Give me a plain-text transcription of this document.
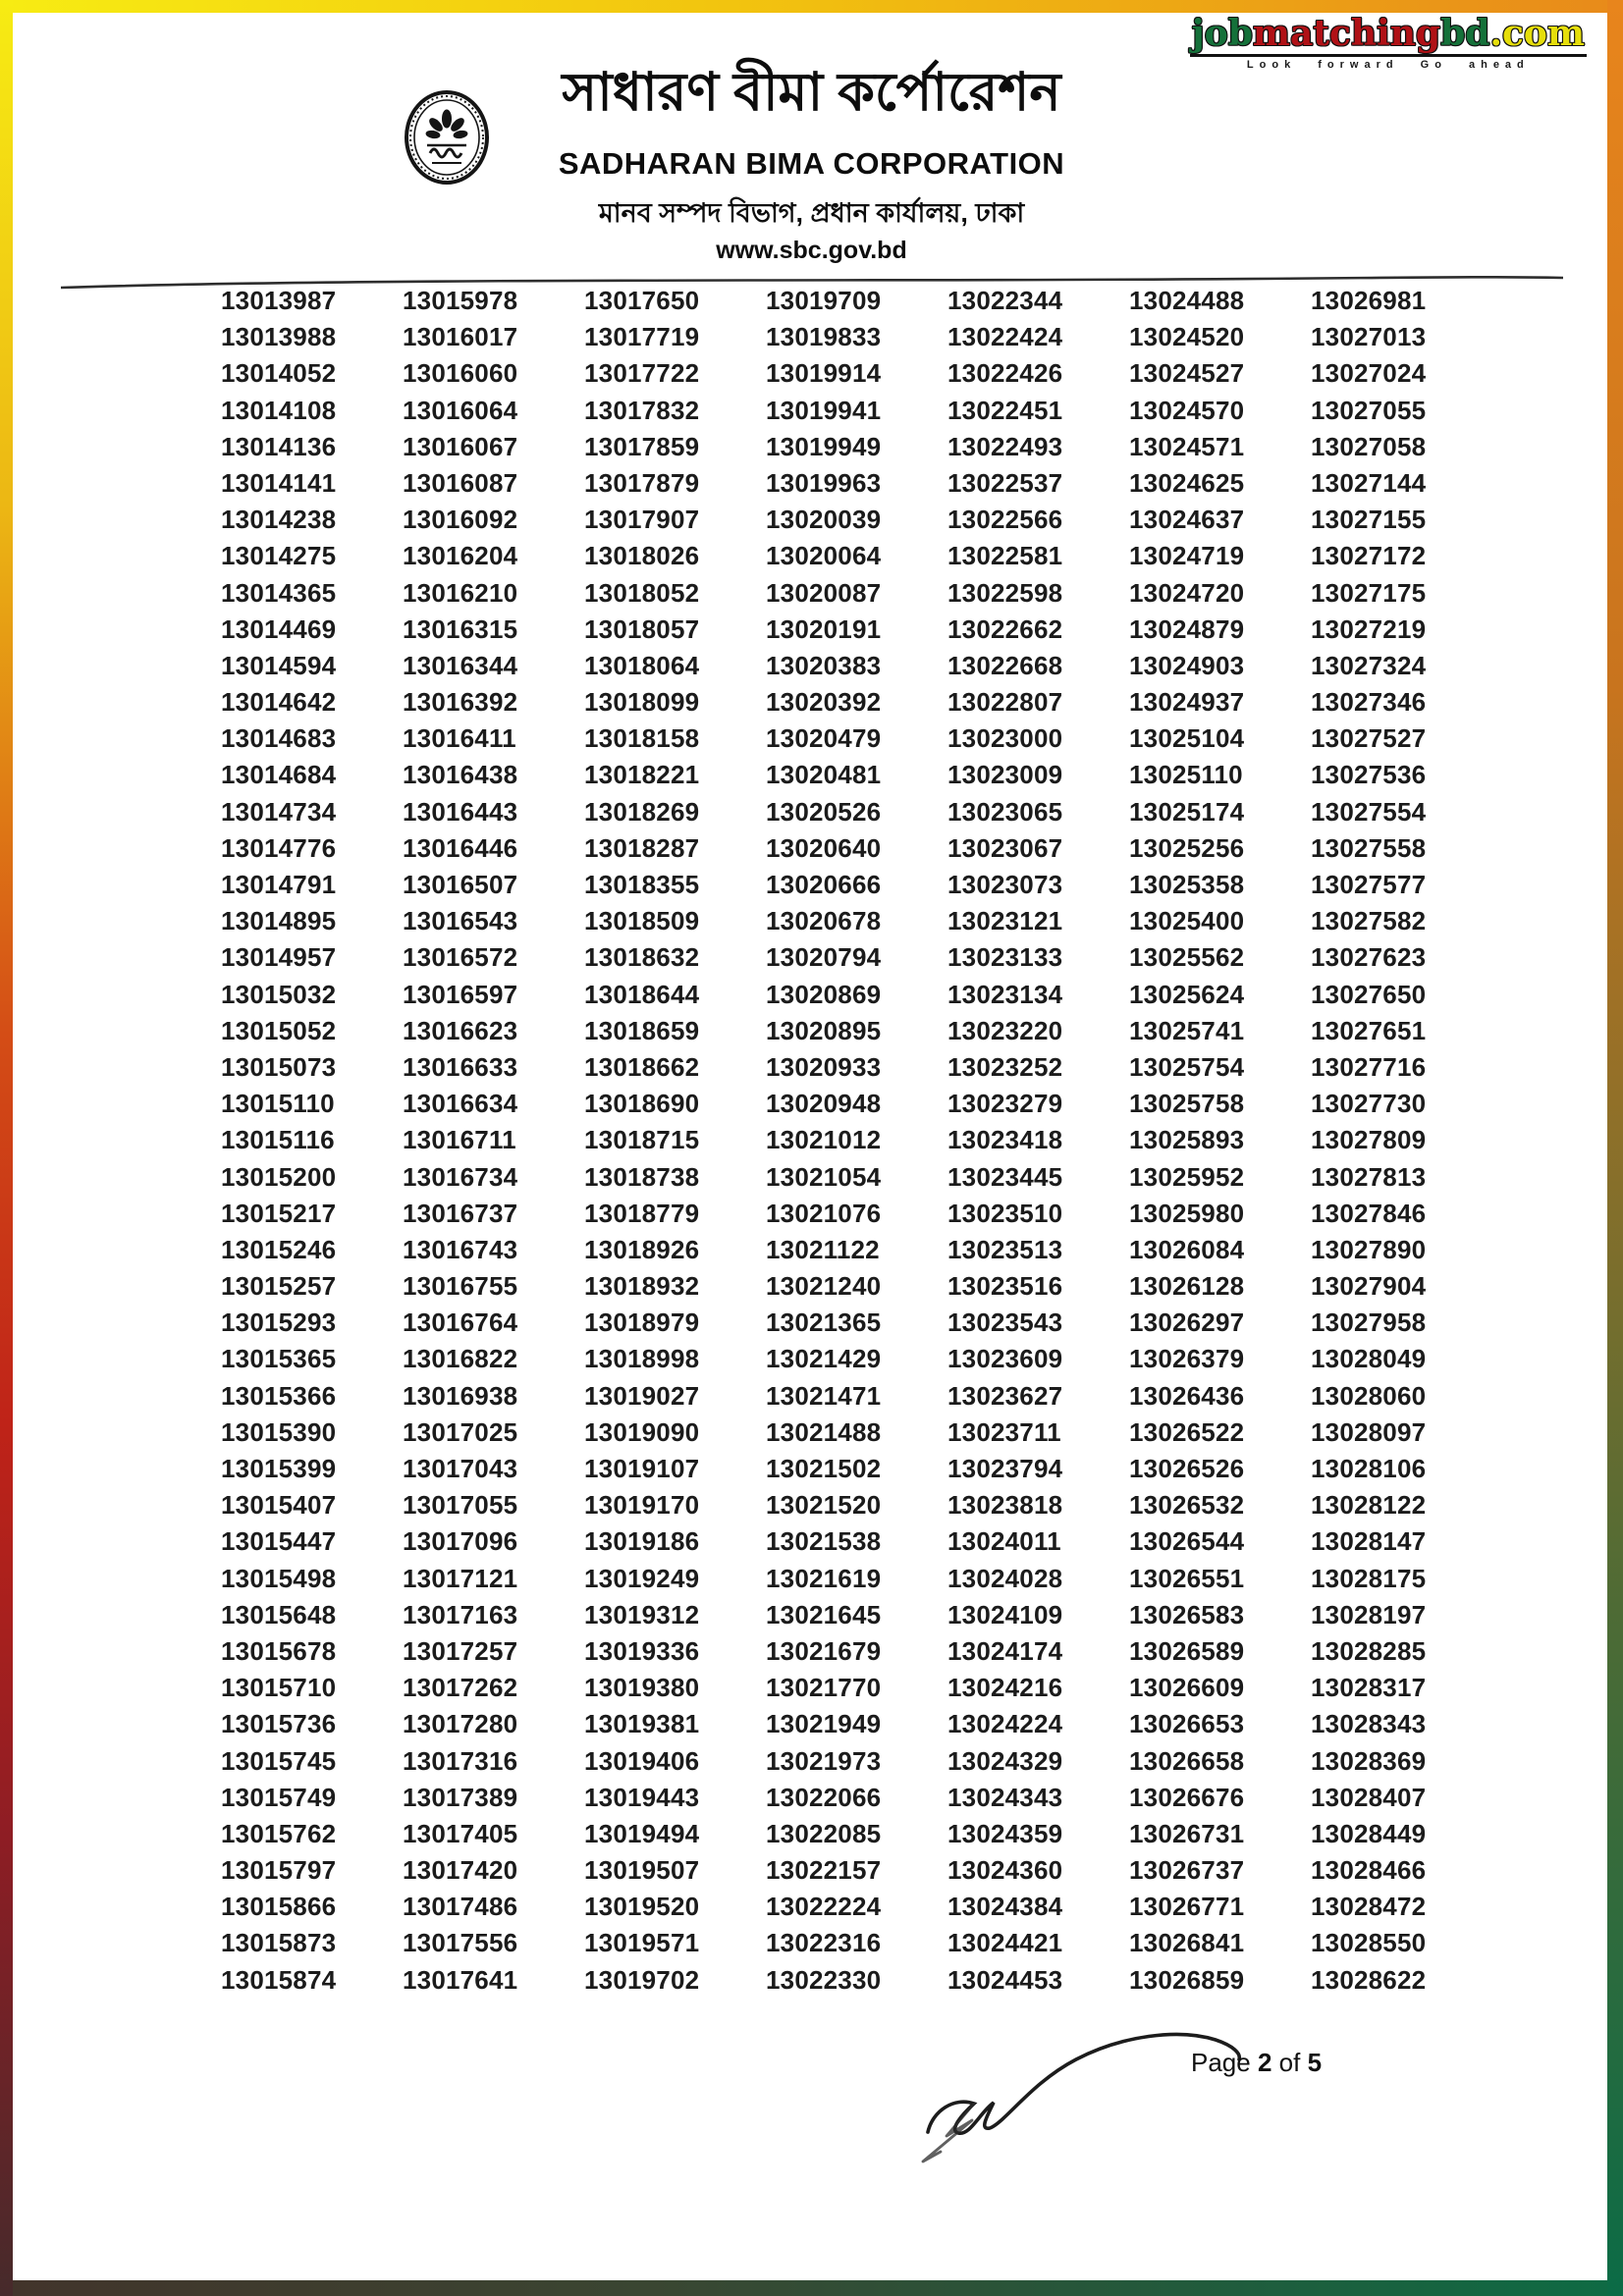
jobmatchingbd.com
Look forward Go ahead
সাধারণ বীমা কর্পোরেশন
SADHARAN BIMA CORPORATION
মানব সম্পদ বিভাগ, প্রধান কার্যালয়, ঢাকা
www.sbc.gov.bd
13013987
13013988
13014052
13014108
13014136
13014141
13014238
13014275
13014365
13014469
13014594
13014642
13014683
13014684
13014734
13014776
13014791
13014895
13014957
13015032
13015052
13015073
13015110
13015116
13015200
13015217
13015246
13015257
13015293
13015365
13015366
13015390
13015399
13015407
13015447
13015498
13015648
13015678
13015710
13015736
13015745
13015749
13015762
13015797
13015866
13015873
13015874
13015978
13016017
13016060
13016064
13016067
13016087
13016092
13016204
13016210
13016315
13016344
13016392
13016411
13016438
13016443
13016446
13016507
13016543
13016572
13016597
13016623
13016633
13016634
13016711
13016734
13016737
13016743
13016755
13016764
13016822
13016938
13017025
13017043
13017055
13017096
13017121
13017163
13017257
13017262
13017280
13017316
13017389
13017405
13017420
13017486
13017556
13017641
13017650
13017719
13017722
13017832
13017859
13017879
13017907
13018026
13018052
13018057
13018064
13018099
13018158
13018221
13018269
13018287
13018355
13018509
13018632
13018644
13018659
13018662
13018690
13018715
13018738
13018779
13018926
13018932
13018979
13018998
13019027
13019090
13019107
13019170
13019186
13019249
13019312
13019336
13019380
13019381
13019406
13019443
13019494
13019507
13019520
13019571
13019702
13019709
13019833
13019914
13019941
13019949
13019963
13020039
13020064
13020087
13020191
13020383
13020392
13020479
13020481
13020526
13020640
13020666
13020678
13020794
13020869
13020895
13020933
13020948
13021012
13021054
13021076
13021122
13021240
13021365
13021429
13021471
13021488
13021502
13021520
13021538
13021619
13021645
13021679
13021770
13021949
13021973
13022066
13022085
13022157
13022224
13022316
13022330
13022344
13022424
13022426
13022451
13022493
13022537
13022566
13022581
13022598
13022662
13022668
13022807
13023000
13023009
13023065
13023067
13023073
13023121
13023133
13023134
13023220
13023252
13023279
13023418
13023445
13023510
13023513
13023516
13023543
13023609
13023627
13023711
13023794
13023818
13024011
13024028
13024109
13024174
13024216
13024224
13024329
13024343
13024359
13024360
13024384
13024421
13024453
13024488
13024520
13024527
13024570
13024571
13024625
13024637
13024719
13024720
13024879
13024903
13024937
13025104
13025110
13025174
13025256
13025358
13025400
13025562
13025624
13025741
13025754
13025758
13025893
13025952
13025980
13026084
13026128
13026297
13026379
13026436
13026522
13026526
13026532
13026544
13026551
13026583
13026589
13026609
13026653
13026658
13026676
13026731
13026737
13026771
13026841
13026859
13026981
13027013
13027024
13027055
13027058
13027144
13027155
13027172
13027175
13027219
13027324
13027346
13027527
13027536
13027554
13027558
13027577
13027582
13027623
13027650
13027651
13027716
13027730
13027809
13027813
13027846
13027890
13027904
13027958
13028049
13028060
13028097
13028106
13028122
13028147
13028175
13028197
13028285
13028317
13028343
13028369
13028407
13028449
13028466
13028472
13028550
13028622
Page 2 of 5
